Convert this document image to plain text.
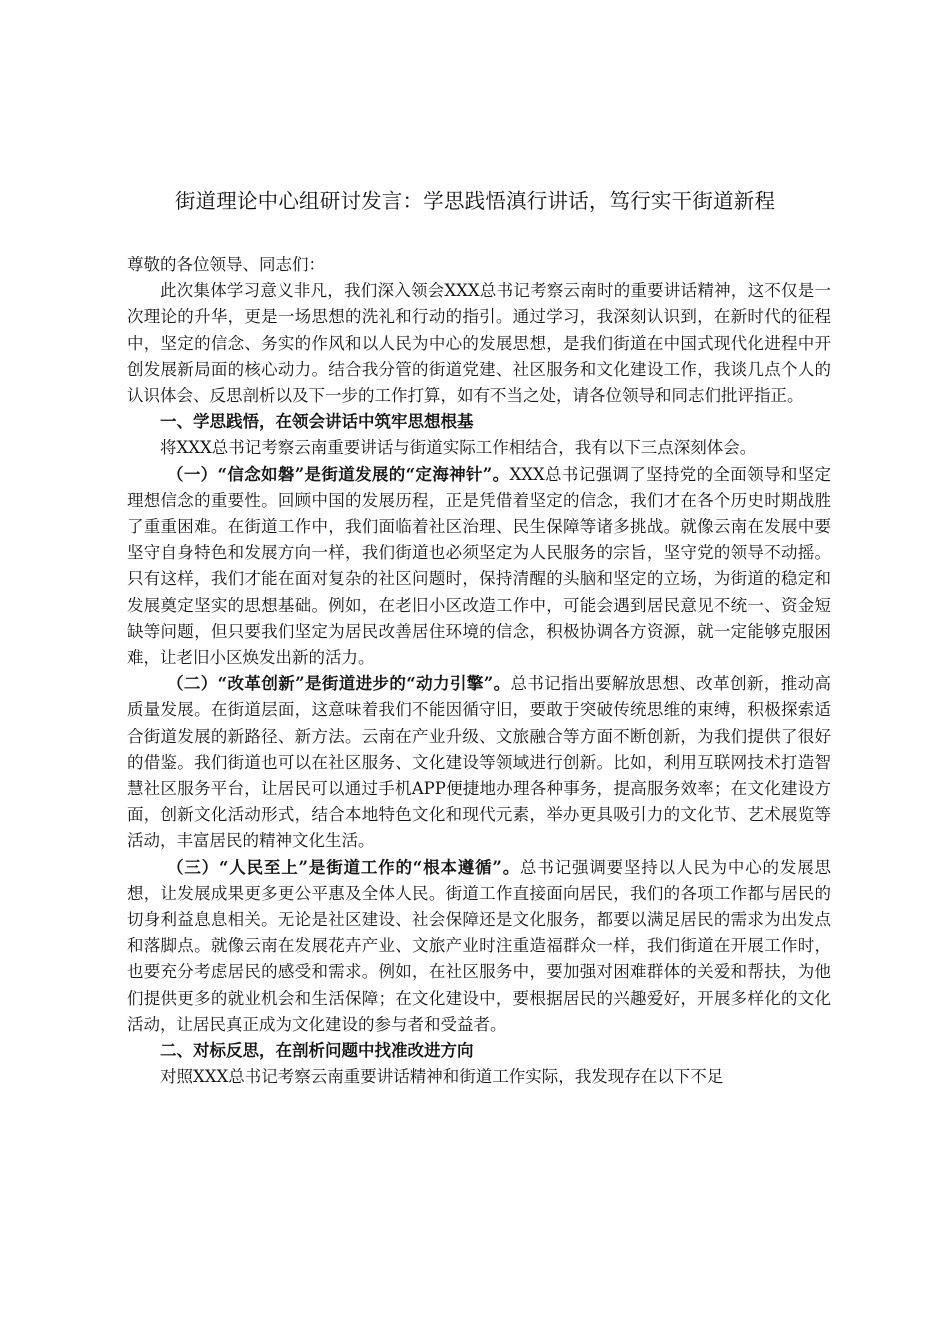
街道理论中心组研讨发言：学思践悟滇行讲话，笃行实干街道新程

尊敬的各位领导、同志们：

此次集体学习意义非凡，我们深入领会XXX总书记考察云南时的重要讲话精神，这不仅是一次理论的升华，更是一场思想的洗礼和行动的指引。通过学习，我深刻认识到，在新时代的征程中，坚定的信念、务实的作风和以人民为中心的发展思想，是我们街道在中国式现代化进程中开创发展新局面的核心动力。结合我分管的街道党建、社区服务和文化建设工作，我谈几点个人的认识体会、反思剖析以及下一步的工作打算，如有不当之处，请各位领导和同志们批评指正。

一、学思践悟，在领会讲话中筑牢思想根基

将XXX总书记考察云南重要讲话与街道实际工作相结合，我有以下三点深刻体会。

（一）“信念如磐”是街道发展的“定海神针”。XXX总书记强调了坚持党的全面领导和坚定理想信念的重要性。回顾中国的发展历程，正是凭借着坚定的信念，我们才在各个历史时期战胜了重重困难。在街道工作中，我们面临着社区治理、民生保障等诸多挑战。就像云南在发展中要坚守自身特色和发展方向一样，我们街道也必须坚定为人民服务的宗旨，坚守党的领导不动摇。只有这样，我们才能在面对复杂的社区问题时，保持清醒的头脑和坚定的立场，为街道的稳定和发展奠定坚实的思想基础。例如，在老旧小区改造工作中，可能会遇到居民意见不统一、资金短缺等问题，但只要我们坚定为居民改善居住环境的信念，积极协调各方资源，就一定能够克服困难，让老旧小区焕发出新的活力。

（二）“改革创新”是街道进步的“动力引擎”。总书记指出要解放思想、改革创新，推动高质量发展。在街道层面，这意味着我们不能因循守旧，要敢于突破传统思维的束缚，积极探索适合街道发展的新路径、新方法。云南在产业升级、文旅融合等方面不断创新，为我们提供了很好的借鉴。我们街道也可以在社区服务、文化建设等领域进行创新。比如，利用互联网技术打造智慧社区服务平台，让居民可以通过手机APP便捷地办理各种事务，提高服务效率；在文化建设方面，创新文化活动形式，结合本地特色文化和现代元素，举办更具吸引力的文化节、艺术展览等活动，丰富居民的精神文化生活。

（三）“人民至上”是街道工作的“根本遵循”。总书记强调要坚持以人民为中心的发展思想，让发展成果更多更公平惠及全体人民。街道工作直接面向居民，我们的各项工作都与居民的切身利益息息相关。无论是社区建设、社会保障还是文化服务，都要以满足居民的需求为出发点和落脚点。就像云南在发展花卉产业、文旅产业时注重造福群众一样，我们街道在开展工作时，也要充分考虑居民的感受和需求。例如，在社区服务中，要加强对困难群体的关爱和帮扶，为他们提供更多的就业机会和生活保障；在文化建设中，要根据居民的兴趣爱好，开展多样化的文化活动，让居民真正成为文化建设的参与者和受益者。

二、对标反思，在剖析问题中找准改进方向

对照XXX总书记考察云南重要讲话精神和街道工作实际，我发现存在以下不足
